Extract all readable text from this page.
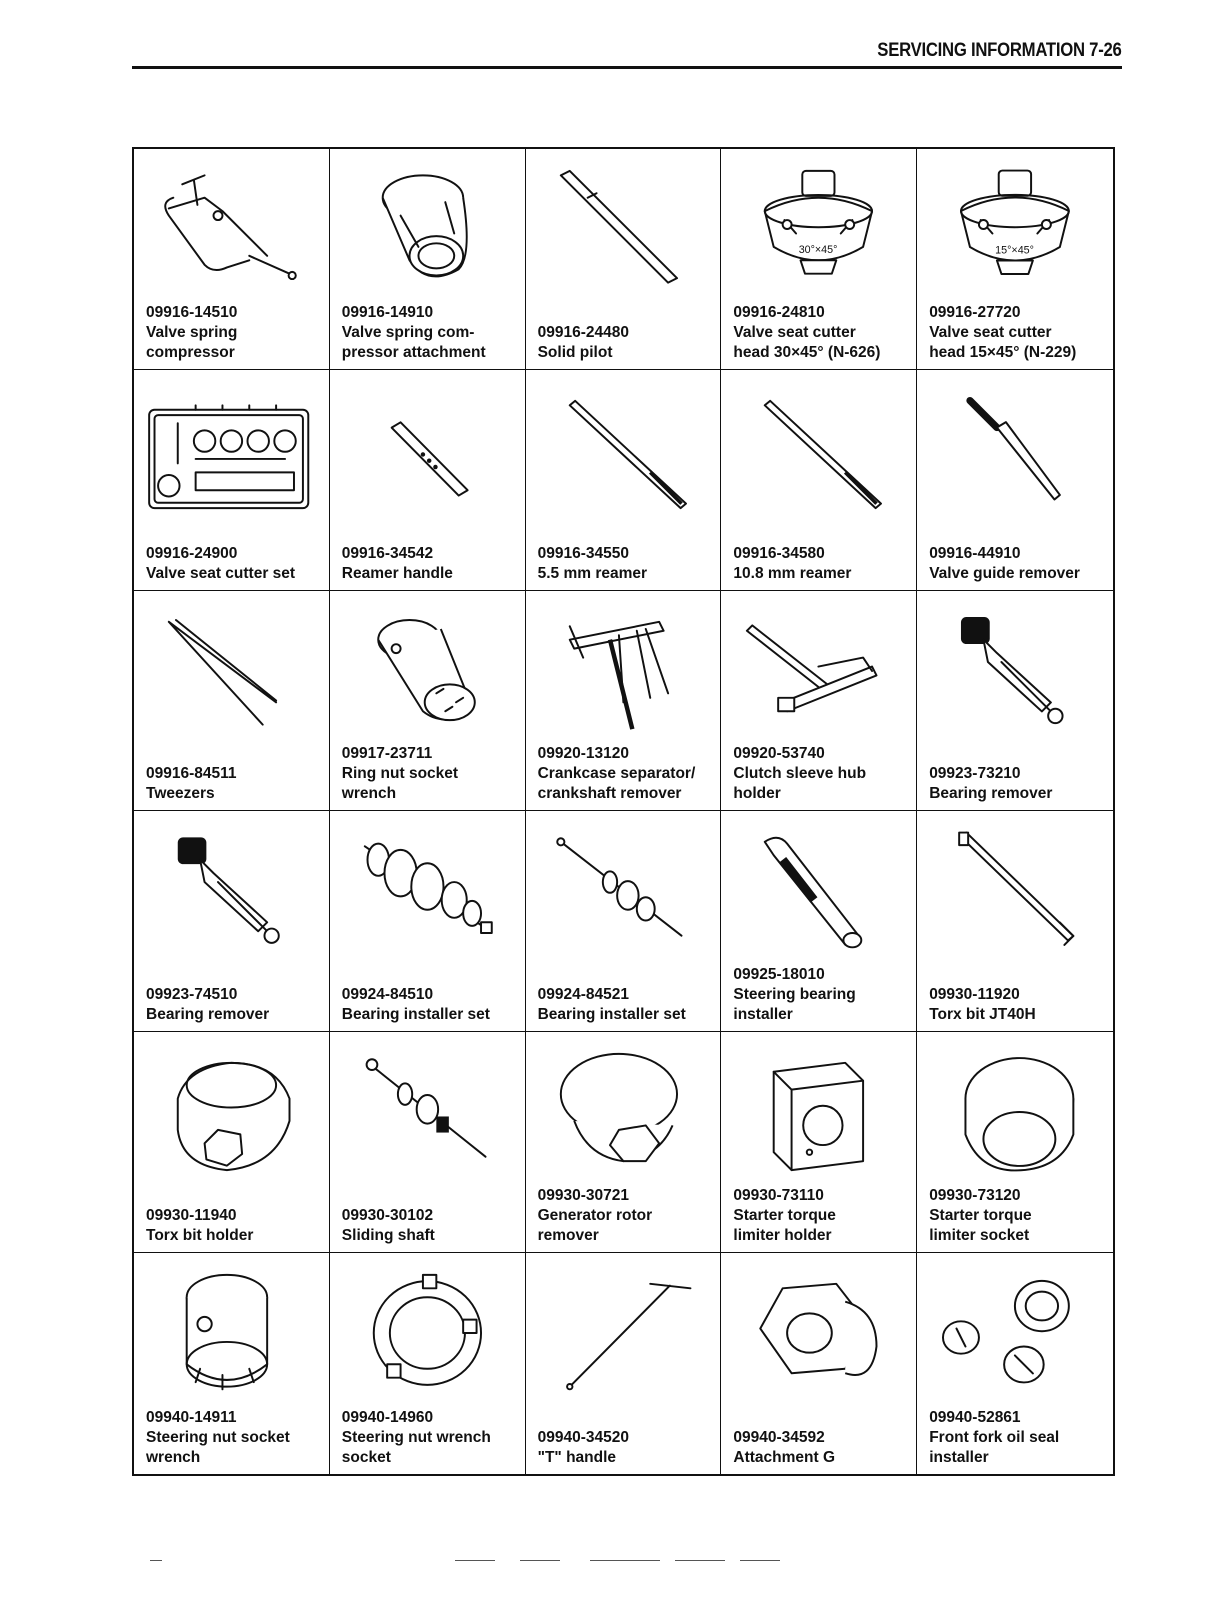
SERVICING INFORMATION 7-26
09916-14510
Valve spring
compressor
09916-14910
Valve spring com-
pressor attachment
09916-24480
Solid pilot
30°×45°
09916-24810
Valve seat cutter
head 30×45° (N-626)
15°×45°
09916-27720
Valve seat cutter
head 15×45° (N-229)
09916-24900
Valve seat cutter set
09916-34542
Reamer handle
09916-34550
5.5 mm reamer
09916-34580
10.8 mm reamer
09916-44910
Valve guide remover
09916-84511
Tweezers
09917-23711
Ring nut socket
wrench
09920-13120
Crankcase separator/
crankshaft remover
09920-53740
Clutch sleeve hub
holder
09923-73210
Bearing remover
09923-74510
Bearing remover
09924-84510
Bearing installer set
09924-84521
Bearing installer set
09925-18010
Steering bearing
installer
09930-11920
Torx bit JT40H
09930-11940
Torx bit holder
09930-30102
Sliding shaft
09930-30721
Generator rotor
remover
09930-73110
Starter torque
limiter holder
09930-73120
Starter torque
limiter socket
09940-14911
Steering nut socket
wrench
09940-14960
Steering nut wrench
socket
09940-34520
"T" handle
09940-34592
Attachment G
09940-52861
Front fork oil seal
installer
